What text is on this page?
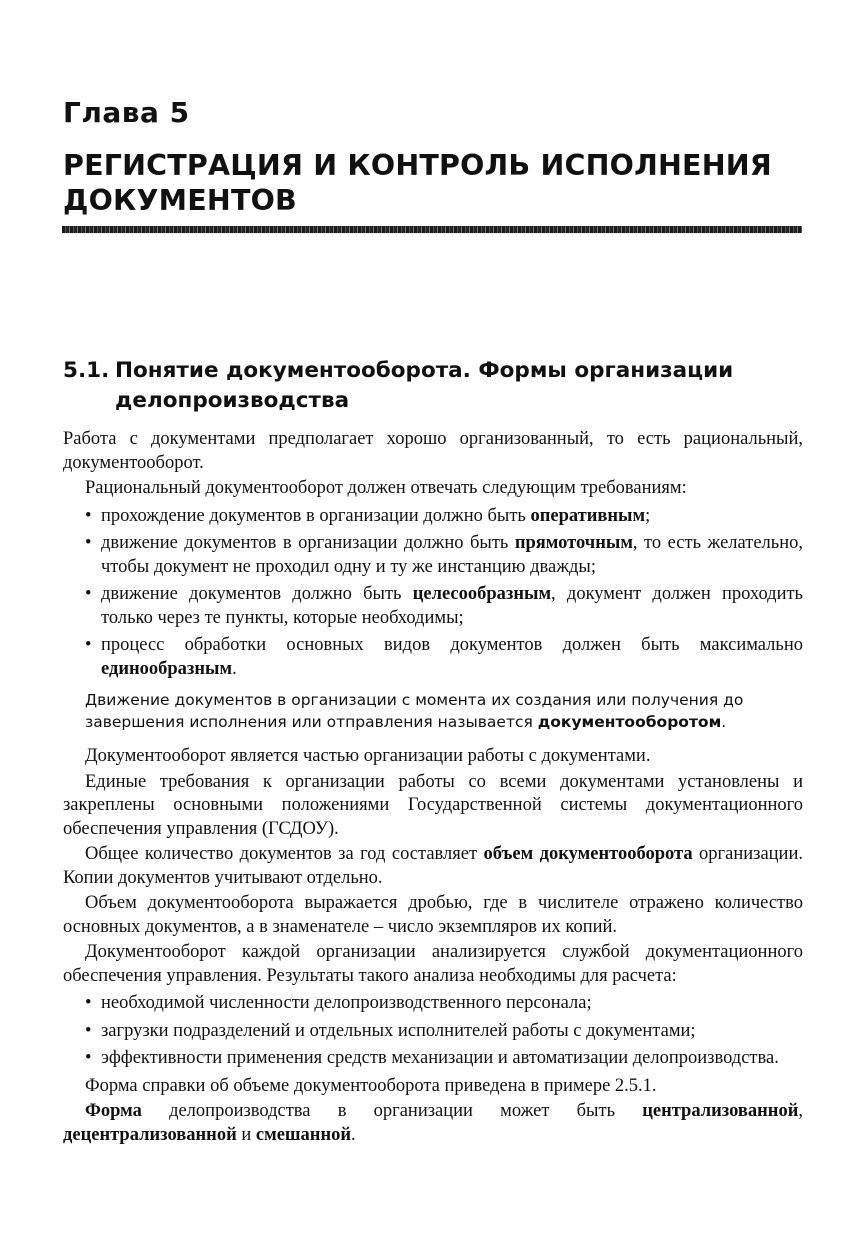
Глава 5
РЕГИСТРАЦИЯ И КОНТРОЛЬ ИСПОЛНЕНИЯ ДОКУМЕНТОВ
5.1. Понятие документооборота. Формы организации
делопроизводства

Работа с документами предполагает хорошо организованный, то есть рациональный, документооборот.

Рациональный документооборот должен отвечать следующим требованиям:

• прохождение документов в организации должно быть оперативным;
• движение документов в организации должно быть прямоточным, то есть желательно, чтобы документ не проходил одну и ту же инстанцию дважды;
• движение документов должно быть целесообразным, документ должен проходить только через те пункты, которые необходимы;
• процесс обработки основных видов документов должен быть максимально единообразным.
Движение документов в организации с момента их создания или получения до завершения исполнения или отправления называется документооборотом.

Документооборот является частью организации работы с документами.

Единые требования к организации работы со всеми документами установлены и закреплены основными положениями Государственной системы документационного обеспечения управления (ГСДОУ).

Общее количество документов за год составляет объем документооборота организации. Копии документов учитывают отдельно.

Объем документооборота выражается дробью, где в числителе отражено количество основных документов, а в знаменателе – число экземпляров их копий.

Документооборот каждой организации анализируется службой документационного обеспечения управления. Результаты такого анализа необходимы для расчета:

• необходимой численности делопроизводственного персонала;
• загрузки подразделений и отдельных исполнителей работы с документами;
• эффективности применения средств механизации и автоматизации делопроизводства.

Форма справки об объеме документооборота приведена в примере 2.5.1.

Форма делопроизводства в организации может быть централизованной, децентрализованной и смешанной.
